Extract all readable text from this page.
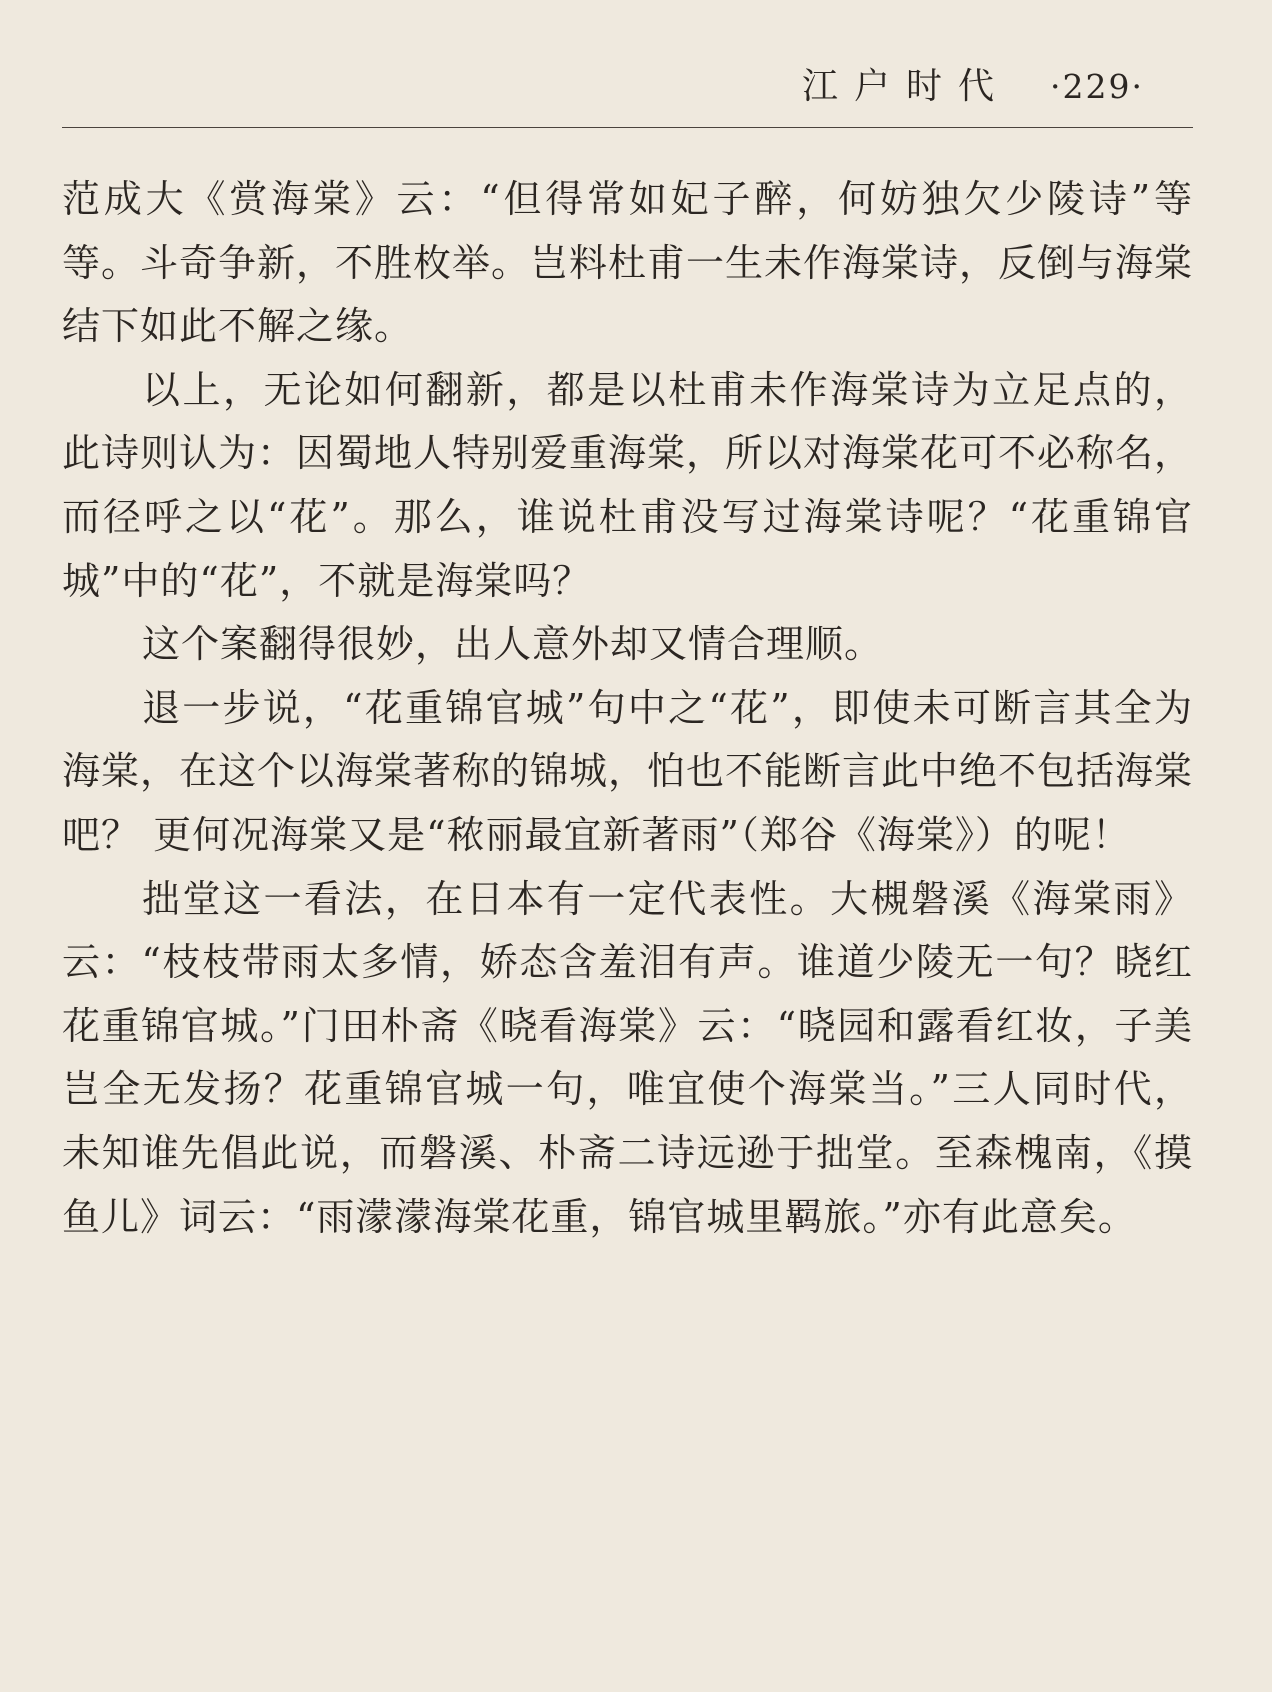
江户时代 ·229·

范成大《赏海棠》云：“但得常如妃子醉，何妨独欠少陵诗”等等。斗奇争新，不胜枚举。岂料杜甫一生未作海棠诗，反倒与海棠结下如此不解之缘。

以上，无论如何翻新，都是以杜甫未作海棠诗为立足点的，此诗则认为：因蜀地人特别爱重海棠，所以对海棠花可不必称名，而径呼之以“花”。那么，谁说杜甫没写过海棠诗呢？“花重锦官城”中的“花”，不就是海棠吗？

这个案翻得很妙，出人意外却又情合理顺。

退一步说，“花重锦官城”句中之“花”，即使未可断言其全为海棠，在这个以海棠著称的锦城，怕也不能断言此中绝不包括海棠吧？ 更何况海棠又是“秾丽最宜新著雨”（郑谷《海棠》）的呢！

拙堂这一看法，在日本有一定代表性。大槻磐溪《海棠雨》云：“枝枝带雨太多情，娇态含羞泪有声。谁道少陵无一句？晓红花重锦官城。”门田朴斋《晓看海棠》云：“晓园和露看红妆，子美岂全无发扬？花重锦官城一句，唯宜使个海棠当。”三人同时代，未知谁先倡此说，而磐溪、朴斋二诗远逊于拙堂。至森槐南，《摸鱼儿》词云：“雨濛濛海棠花重，锦官城里羁旅。”亦有此意矣。
